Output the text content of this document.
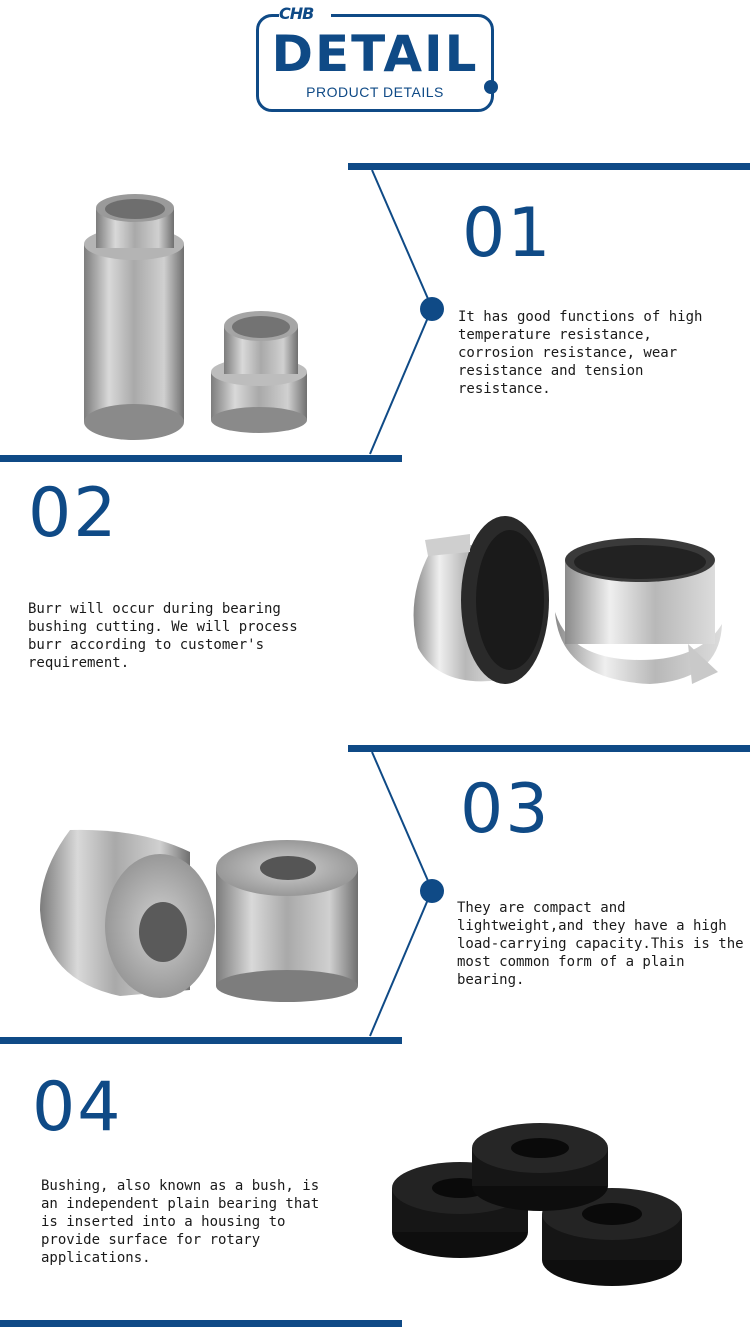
CHB
DETAIL
PRODUCT DETAILS
01
It has good functions of high temperature resistance, corrosion resistance, wear resistance and tension resistance.
02
Burr will occur during bearing bushing cutting. We will process burr according to customer's requirement.
03
They are compact and lightweight,and they have a high load-carrying capacity.This is the most common form of a plain bearing.
04
Bushing, also known as a bush, is an independent plain bearing that is inserted into a housing to provide surface for rotary applications.
